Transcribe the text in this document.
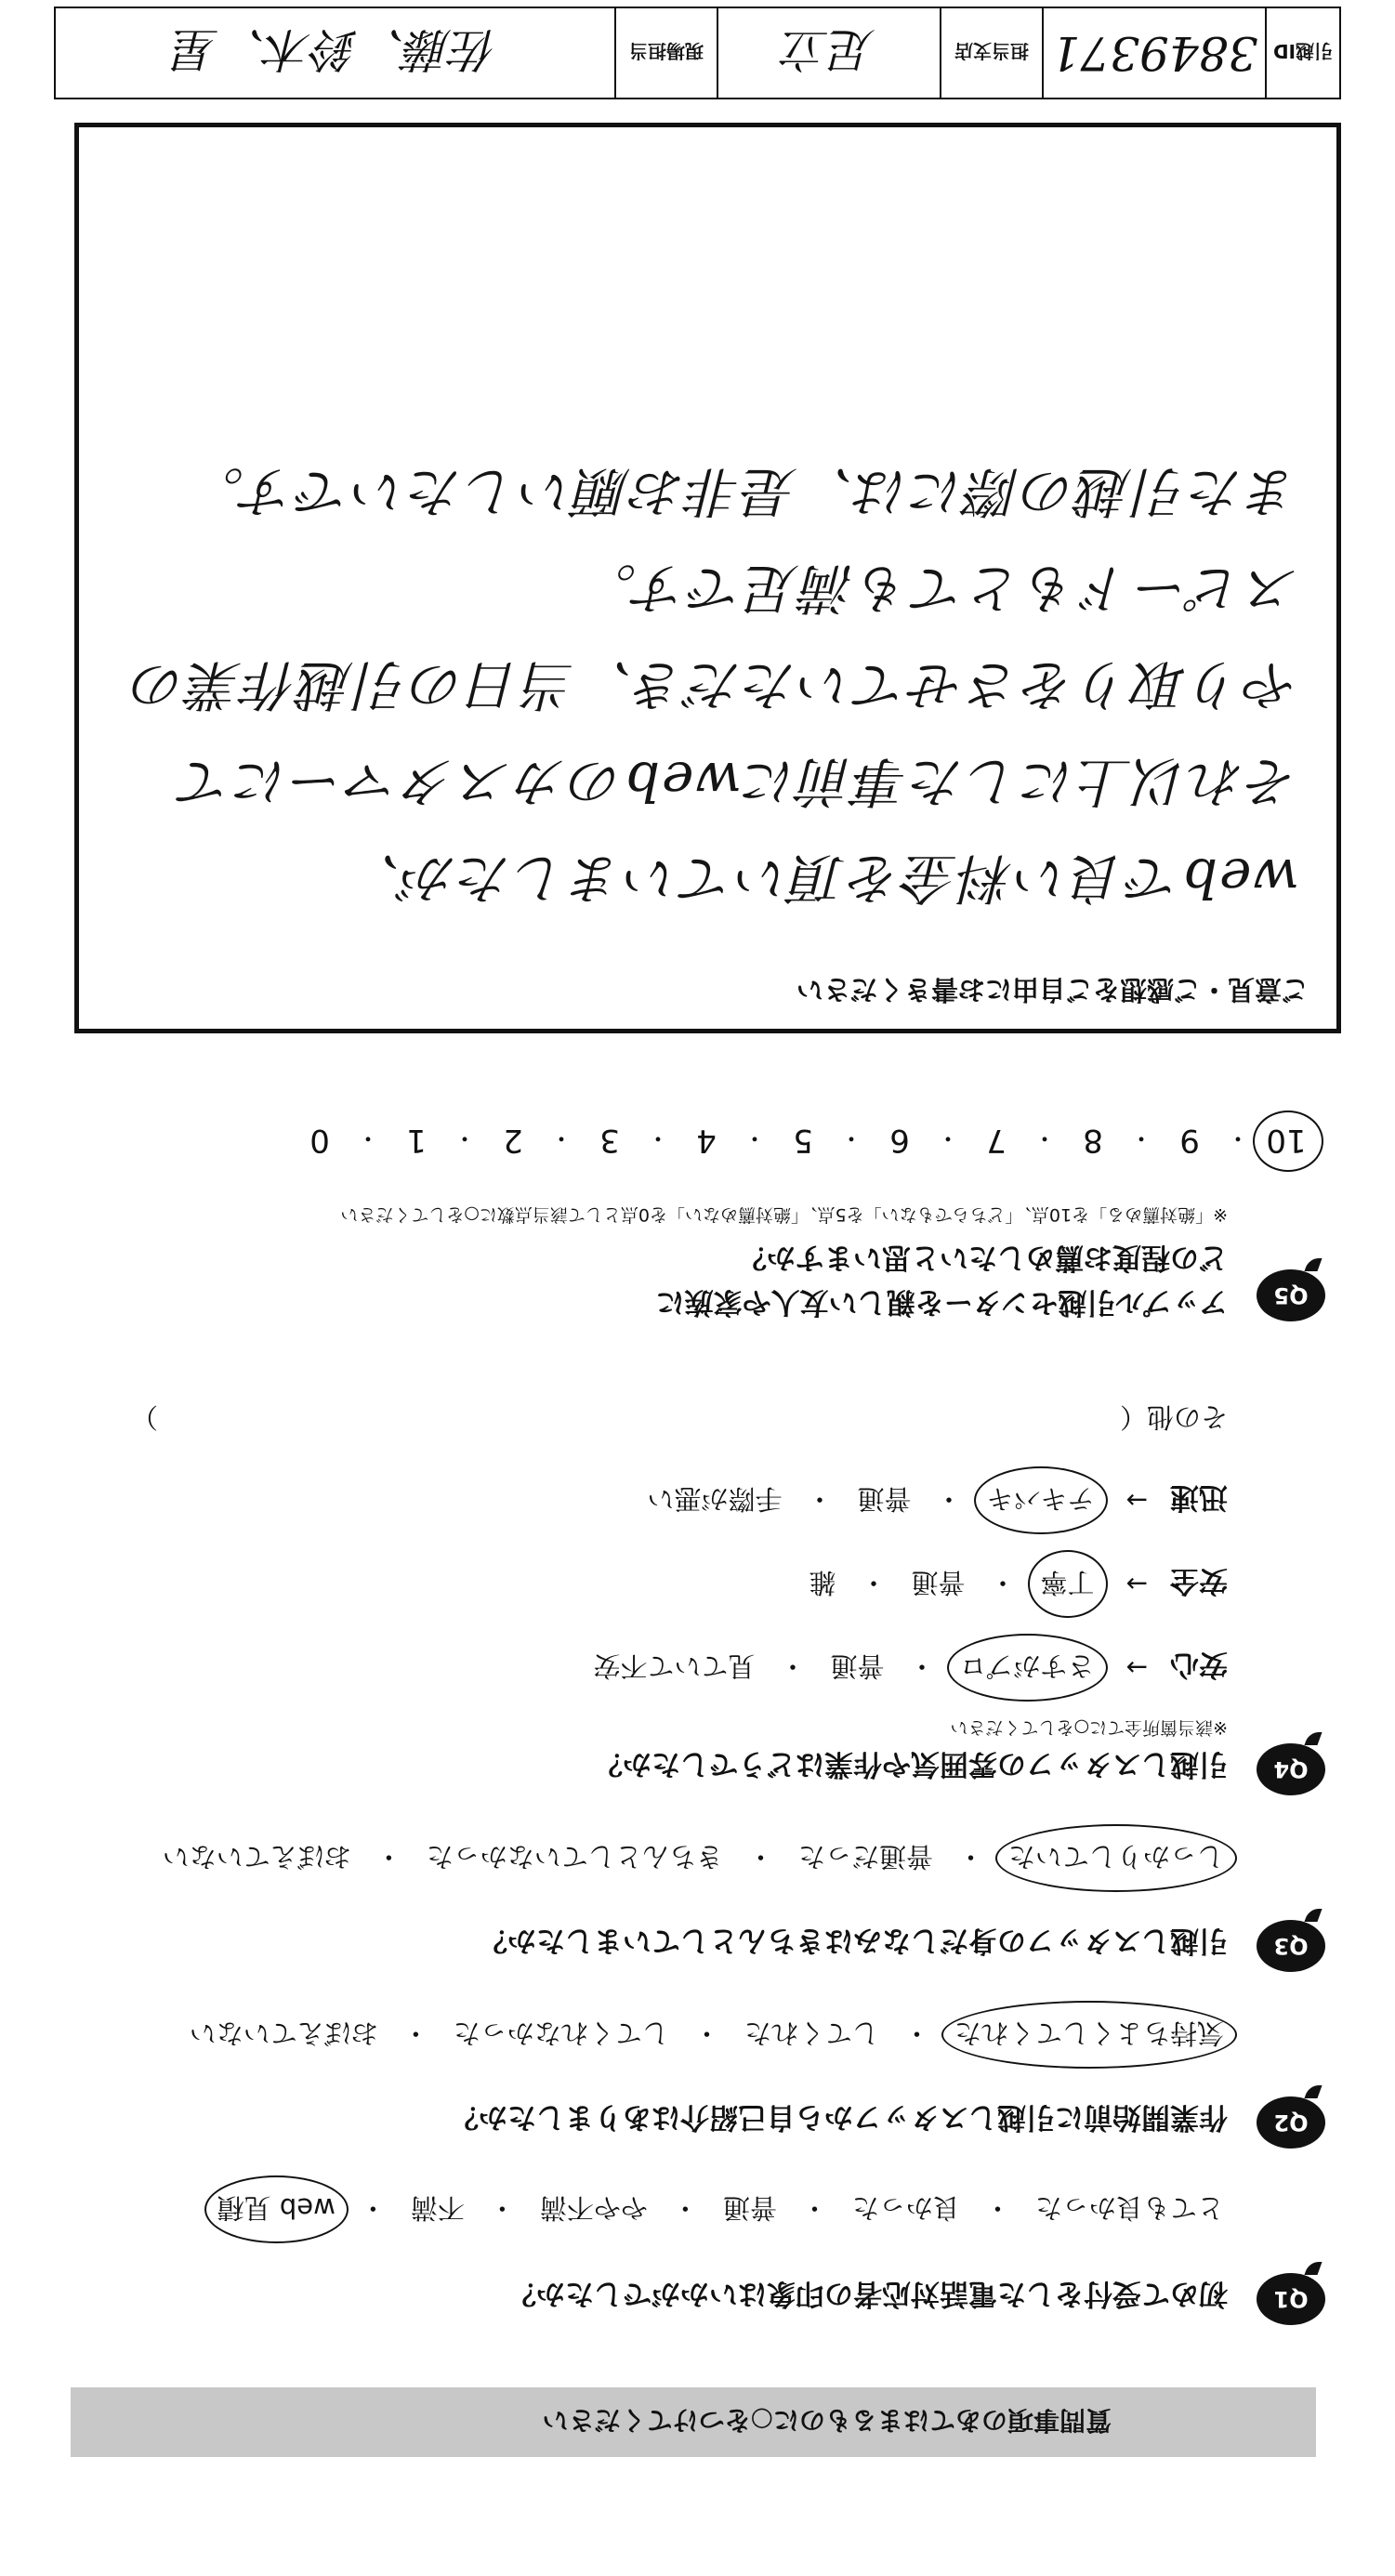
質問事項のあてはまるものに○をつけてください
Q1
初めて受付をした電話対応者の印象はいかがでしたか？
とても良かった
・
良かった
・
普通
・
やや不満
・
不満
・
web 見積
Q2
作業開始前に引越しスタッフから自己紹介はありましたか？
気持ちよくしてくれた
・
してくれた
・
してくれなかった
・
おぼえていない
Q3
引越しスタッフの身だしなみはきちんとしていましたか？
しっかりしていた
・
普通だった
・
きちんとしていなかった
・
おぼえていない
Q4
引越しスタッフの雰囲気や作業はどうでしたか？
※該当箇所全てに○をしてください
安心
→
さすがプロ
・
普通
・
見ていて不安
安全
→
丁寧
・
普通
・
雑
迅速
→
テキパキ
・
普通
・
手際が悪い
その他（
）
Q5
アップル引越センターを親しい友人や家族に
どの程度お薦めしたいと思いますか？
※「絶対薦める」を10点、「どちらでもない」を5点、「絶対薦めない」を0点として該当点数に○をしてください
10
・
9
・
8
・
7
・
6
・
5
・
4
・
3
・
2
・
1
・
0
ご意見・ご感想をご自由にお書きください
webで良い料金を頂いていましたが、
それ以上にした事前にwebのカスタマーにて
やり取りをさせていただき、当日の引越作業の
スピードもとても満足です。
また引越の際には、是非お願いしたいです。
引越ID
3849371
担当支店
足立
現場担当
佐藤、鈴木、星
